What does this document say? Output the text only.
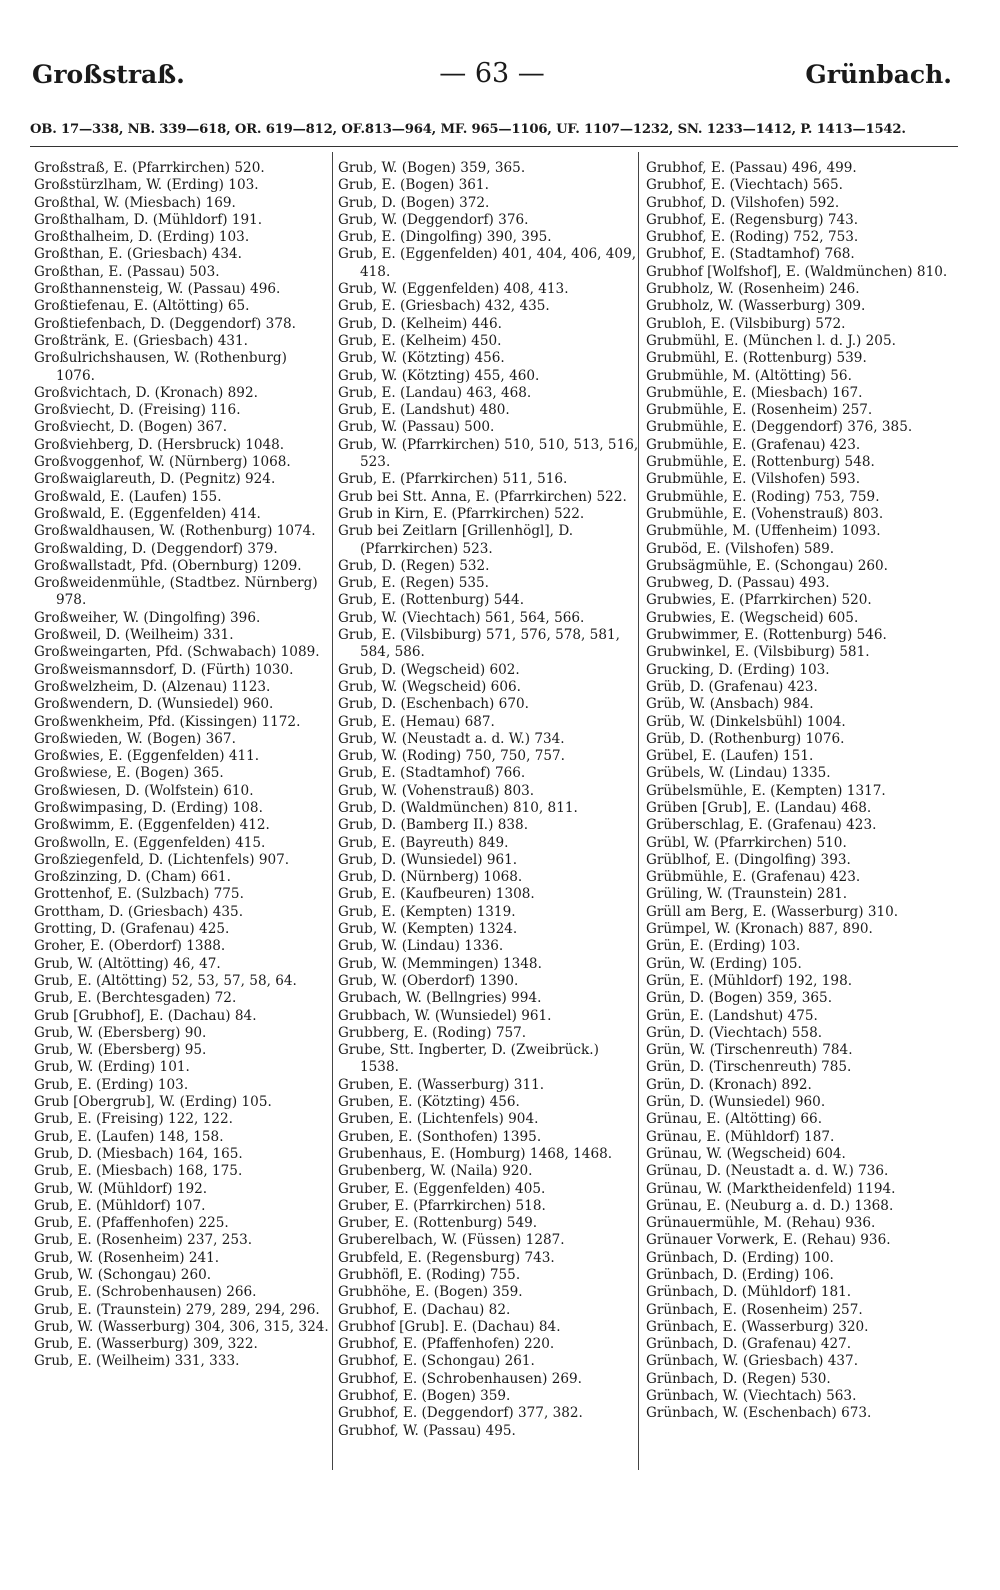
Großstraß.	— 63 —	Grünbach.
OB. 17—338, NB. 339—618, OR. 619—812, OF.813—964, MF. 965—1106, UF. 1107—1232, SN. 1233—1412, P. 1413—1542.
Großstraß, E. (Pfarrkirchen) 520.
Großstürzlham, W. (Erding) 103.
Großthal, W. (Miesbach) 169.
Großthalham, D. (Mühldorf) 191.
Großthalheim, D. (Erding) 103.
Großthan, E. (Griesbach) 434.
Großthan, E. (Passau) 503.
Großthannensteig, W. (Passau) 496.
Großtiefenau, E. (Altötting) 65.
Großtiefenbach, D. (Deggendorf) 378.
Großtränk, E. (Griesbach) 431.
Großulrichshausen, W. (Rothenburg) 1076.
Großvichtach, D. (Kronach) 892.
Großviecht, D. (Freising) 116.
Großviecht, D. (Bogen) 367.
Großviehberg, D. (Hersbruck) 1048.
Großvoggenhof, W. (Nürnberg) 1068.
Großwaiglareuth, D. (Pegnitz) 924.
Großwald, E. (Laufen) 155.
Großwald, E. (Eggenfelden) 414.
Großwaldhausen, W. (Rothenburg) 1074.
Großwalding, D. (Deggendorf) 379.
Großwallstadt, Pfd. (Obernburg) 1209.
Großweidenmühle, (Stadtbez. Nürnberg) 978.
Großweiher, W. (Dingolfing) 396.
Großweil, D. (Weilheim) 331.
Großweingarten, Pfd. (Schwabach) 1089.
Großweismannsdorf, D. (Fürth) 1030.
Großwelzheim, D. (Alzenau) 1123.
Großwendern, D. (Wunsiedel) 960.
Großwenkheim, Pfd. (Kissingen) 1172.
Großwieden, W. (Bogen) 367.
Großwies, E. (Eggenfelden) 411.
Großwiese, E. (Bogen) 365.
Großwiesen, D. (Wolfstein) 610.
Großwimpasing, D. (Erding) 108.
Großwimm, E. (Eggenfelden) 412.
Großwolln, E. (Eggenfelden) 415.
Großziegenfeld, D. (Lichtenfels) 907.
Großzinzing, D. (Cham) 661.
Grottenhof, E. (Sulzbach) 775.
Grottham, D. (Griesbach) 435.
Grotting, D. (Grafenau) 425.
Groher, E. (Oberdorf) 1388.
Grub, W. (Altötting) 46, 47.
Grub, E. (Altötting) 52, 53, 57, 58, 64.
Grub, E. (Berchtesgaden) 72.
Grub [Grubhof], E. (Dachau) 84.
Grub, W. (Ebersberg) 90.
Grub, W. (Ebersberg) 95.
Grub, W. (Erding) 101.
Grub, E. (Erding) 103.
Grub [Obergrub], W. (Erding) 105.
Grub, E. (Freising) 122, 122.
Grub, E. (Laufen) 148, 158.
Grub, D. (Miesbach) 164, 165.
Grub, E. (Miesbach) 168, 175.
Grub, W. (Mühldorf) 192.
Grub, E. (Mühldorf) 107.
Grub, E. (Pfaffenhofen) 225.
Grub, E. (Rosenheim) 237, 253.
Grub, W. (Rosenheim) 241.
Grub, W. (Schongau) 260.
Grub, E. (Schrobenhausen) 266.
Grub, E. (Traunstein) 279, 289, 294, 296.
Grub, W. (Wasserburg) 304, 306, 315, 324.
Grub, E. (Wasserburg) 309, 322.
Grub, E. (Weilheim) 331, 333.
Grub, W. (Bogen) 359, 365.
Grub, E. (Bogen) 361.
Grub, D. (Bogen) 372.
Grub, W. (Deggendorf) 376.
Grub, E. (Dingolfing) 390, 395.
Grub, E. (Eggenfelden) 401, 404, 406, 409, 418.
Grub, W. (Eggenfelden) 408, 413.
Grub, E. (Griesbach) 432, 435.
Grub, D. (Kelheim) 446.
Grub, E. (Kelheim) 450.
Grub, W. (Kötzting) 456.
Grub, W. (Kötzting) 455, 460.
Grub, E. (Landau) 463, 468.
Grub, E. (Landshut) 480.
Grub, W. (Passau) 500.
Grub, W. (Pfarrkirchen) 510, 510, 513, 516, 523.
Grub, E. (Pfarrkirchen) 511, 516.
Grub bei Stt. Anna, E. (Pfarrkirchen) 522.
Grub in Kirn, E. (Pfarrkirchen) 522.
Grub bei Zeitlarn [Grillenhögl], D. (Pfarrkirchen) 523.
Grub, D. (Regen) 532.
Grub, E. (Regen) 535.
Grub, E. (Rottenburg) 544.
Grub, W. (Viechtach) 561, 564, 566.
Grub, E. (Vilsbiburg) 571, 576, 578, 581, 584, 586.
Grub, D. (Wegscheid) 602.
Grub, W. (Wegscheid) 606.
Grub, D. (Eschenbach) 670.
Grub, E. (Hemau) 687.
Grub, W. (Neustadt a. d. W.) 734.
Grub, W. (Roding) 750, 750, 757.
Grub, E. (Stadtamhof) 766.
Grub, W. (Vohenstrauß) 803.
Grub, D. (Waldmünchen) 810, 811.
Grub, D. (Bamberg II.) 838.
Grub, E. (Bayreuth) 849.
Grub, D. (Wunsiedel) 961.
Grub, D. (Nürnberg) 1068.
Grub, E. (Kaufbeuren) 1308.
Grub, E. (Kempten) 1319.
Grub, W. (Kempten) 1324.
Grub, W. (Lindau) 1336.
Grub, W. (Memmingen) 1348.
Grub, W. (Oberdorf) 1390.
Grubach, W. (Bellngries) 994.
Grubbach, W. (Wunsiedel) 961.
Grubberg, E. (Roding) 757.
Grube, Stt. Ingberter, D. (Zweibrück.) 1538.
Gruben, E. (Wasserburg) 311.
Gruben, E. (Kötzting) 456.
Gruben, E. (Lichtenfels) 904.
Gruben, E. (Sonthofen) 1395.
Grubenhaus, E. (Homburg) 1468, 1468.
Grubenberg, W. (Naila) 920.
Gruber, E. (Eggenfelden) 405.
Gruber, E. (Pfarrkirchen) 518.
Gruber, E. (Rottenburg) 549.
Gruberelbach, W. (Füssen) 1287.
Grubfeld, E. (Regensburg) 743.
Grubhöfl, E. (Roding) 755.
Grubhöhe, E. (Bogen) 359.
Grubhof, E. (Dachau) 82.
Grubhof [Grub]. E. (Dachau) 84.
Grubhof, E. (Pfaffenhofen) 220.
Grubhof, E. (Schongau) 261.
Grubhof, E. (Schrobenhausen) 269.
Grubhof, E. (Bogen) 359.
Grubhof, E. (Deggendorf) 377, 382.
Grubhof, W. (Passau) 495.
Grubhof, E. (Passau) 496, 499.
Grubhof, E. (Viechtach) 565.
Grubhof, D. (Vilshofen) 592.
Grubhof, E. (Regensburg) 743.
Grubhof, E. (Roding) 752, 753.
Grubhof, E. (Stadtamhof) 768.
Grubhof [Wolfshof], E. (Waldmünchen) 810.
Grubholz, W. (Rosenheim) 246.
Grubholz, W. (Wasserburg) 309.
Grubloh, E. (Vilsbiburg) 572.
Grubmühl, E. (München l. d. J.) 205.
Grubmühl, E. (Rottenburg) 539.
Grubmühle, M. (Altötting) 56.
Grubmühle, E. (Miesbach) 167.
Grubmühle, E. (Rosenheim) 257.
Grubmühle, E. (Deggendorf) 376, 385.
Grubmühle, E. (Grafenau) 423.
Grubmühle, E. (Rottenburg) 548.
Grubmühle, E. (Vilshofen) 593.
Grubmühle, E. (Roding) 753, 759.
Grubmühle, E. (Vohenstrauß) 803.
Grubmühle, M. (Uffenheim) 1093.
Gruböd, E. (Vilshofen) 589.
Grubsägmühle, E. (Schongau) 260.
Grubweg, D. (Passau) 493.
Grubwies, E. (Pfarrkirchen) 520.
Grubwies, E. (Wegscheid) 605.
Grubwimmer, E. (Rottenburg) 546.
Grubwinkel, E. (Vilsbiburg) 581.
Grucking, D. (Erding) 103.
Grüb, D. (Grafenau) 423.
Grüb, W. (Ansbach) 984.
Grüb, W. (Dinkelsbühl) 1004.
Grüb, D. (Rothenburg) 1076.
Grübel, E. (Laufen) 151.
Grübels, W. (Lindau) 1335.
Grübelsmühle, E. (Kempten) 1317.
Grüben [Grub], E. (Landau) 468.
Grüberschlag, E. (Grafenau) 423.
Grübl, W. (Pfarrkirchen) 510.
Grüblhof, E. (Dingolfing) 393.
Grübmühle, E. (Grafenau) 423.
Grüling, W. (Traunstein) 281.
Grüll am Berg, E. (Wasserburg) 310.
Grümpel, W. (Kronach) 887, 890.
Grün, E. (Erding) 103.
Grün, W. (Erding) 105.
Grün, E. (Mühldorf) 192, 198.
Grün, D. (Bogen) 359, 365.
Grün, E. (Landshut) 475.
Grün, D. (Viechtach) 558.
Grün, W. (Tirschenreuth) 784.
Grün, D. (Tirschenreuth) 785.
Grün, D. (Kronach) 892.
Grün, D. (Wunsiedel) 960.
Grünau, E. (Altötting) 66.
Grünau, E. (Mühldorf) 187.
Grünau, W. (Wegscheid) 604.
Grünau, D. (Neustadt a. d. W.) 736.
Grünau, W. (Marktheidenfeld) 1194.
Grünau, E. (Neuburg a. d. D.) 1368.
Grünauermühle, M. (Rehau) 936.
Grünauer Vorwerk, E. (Rehau) 936.
Grünbach, D. (Erding) 100.
Grünbach, D. (Erding) 106.
Grünbach, D. (Mühldorf) 181.
Grünbach, E. (Rosenheim) 257.
Grünbach, E. (Wasserburg) 320.
Grünbach, D. (Grafenau) 427.
Grünbach, W. (Griesbach) 437.
Grünbach, D. (Regen) 530.
Grünbach, W. (Viechtach) 563.
Grünbach, W. (Eschenbach) 673.
